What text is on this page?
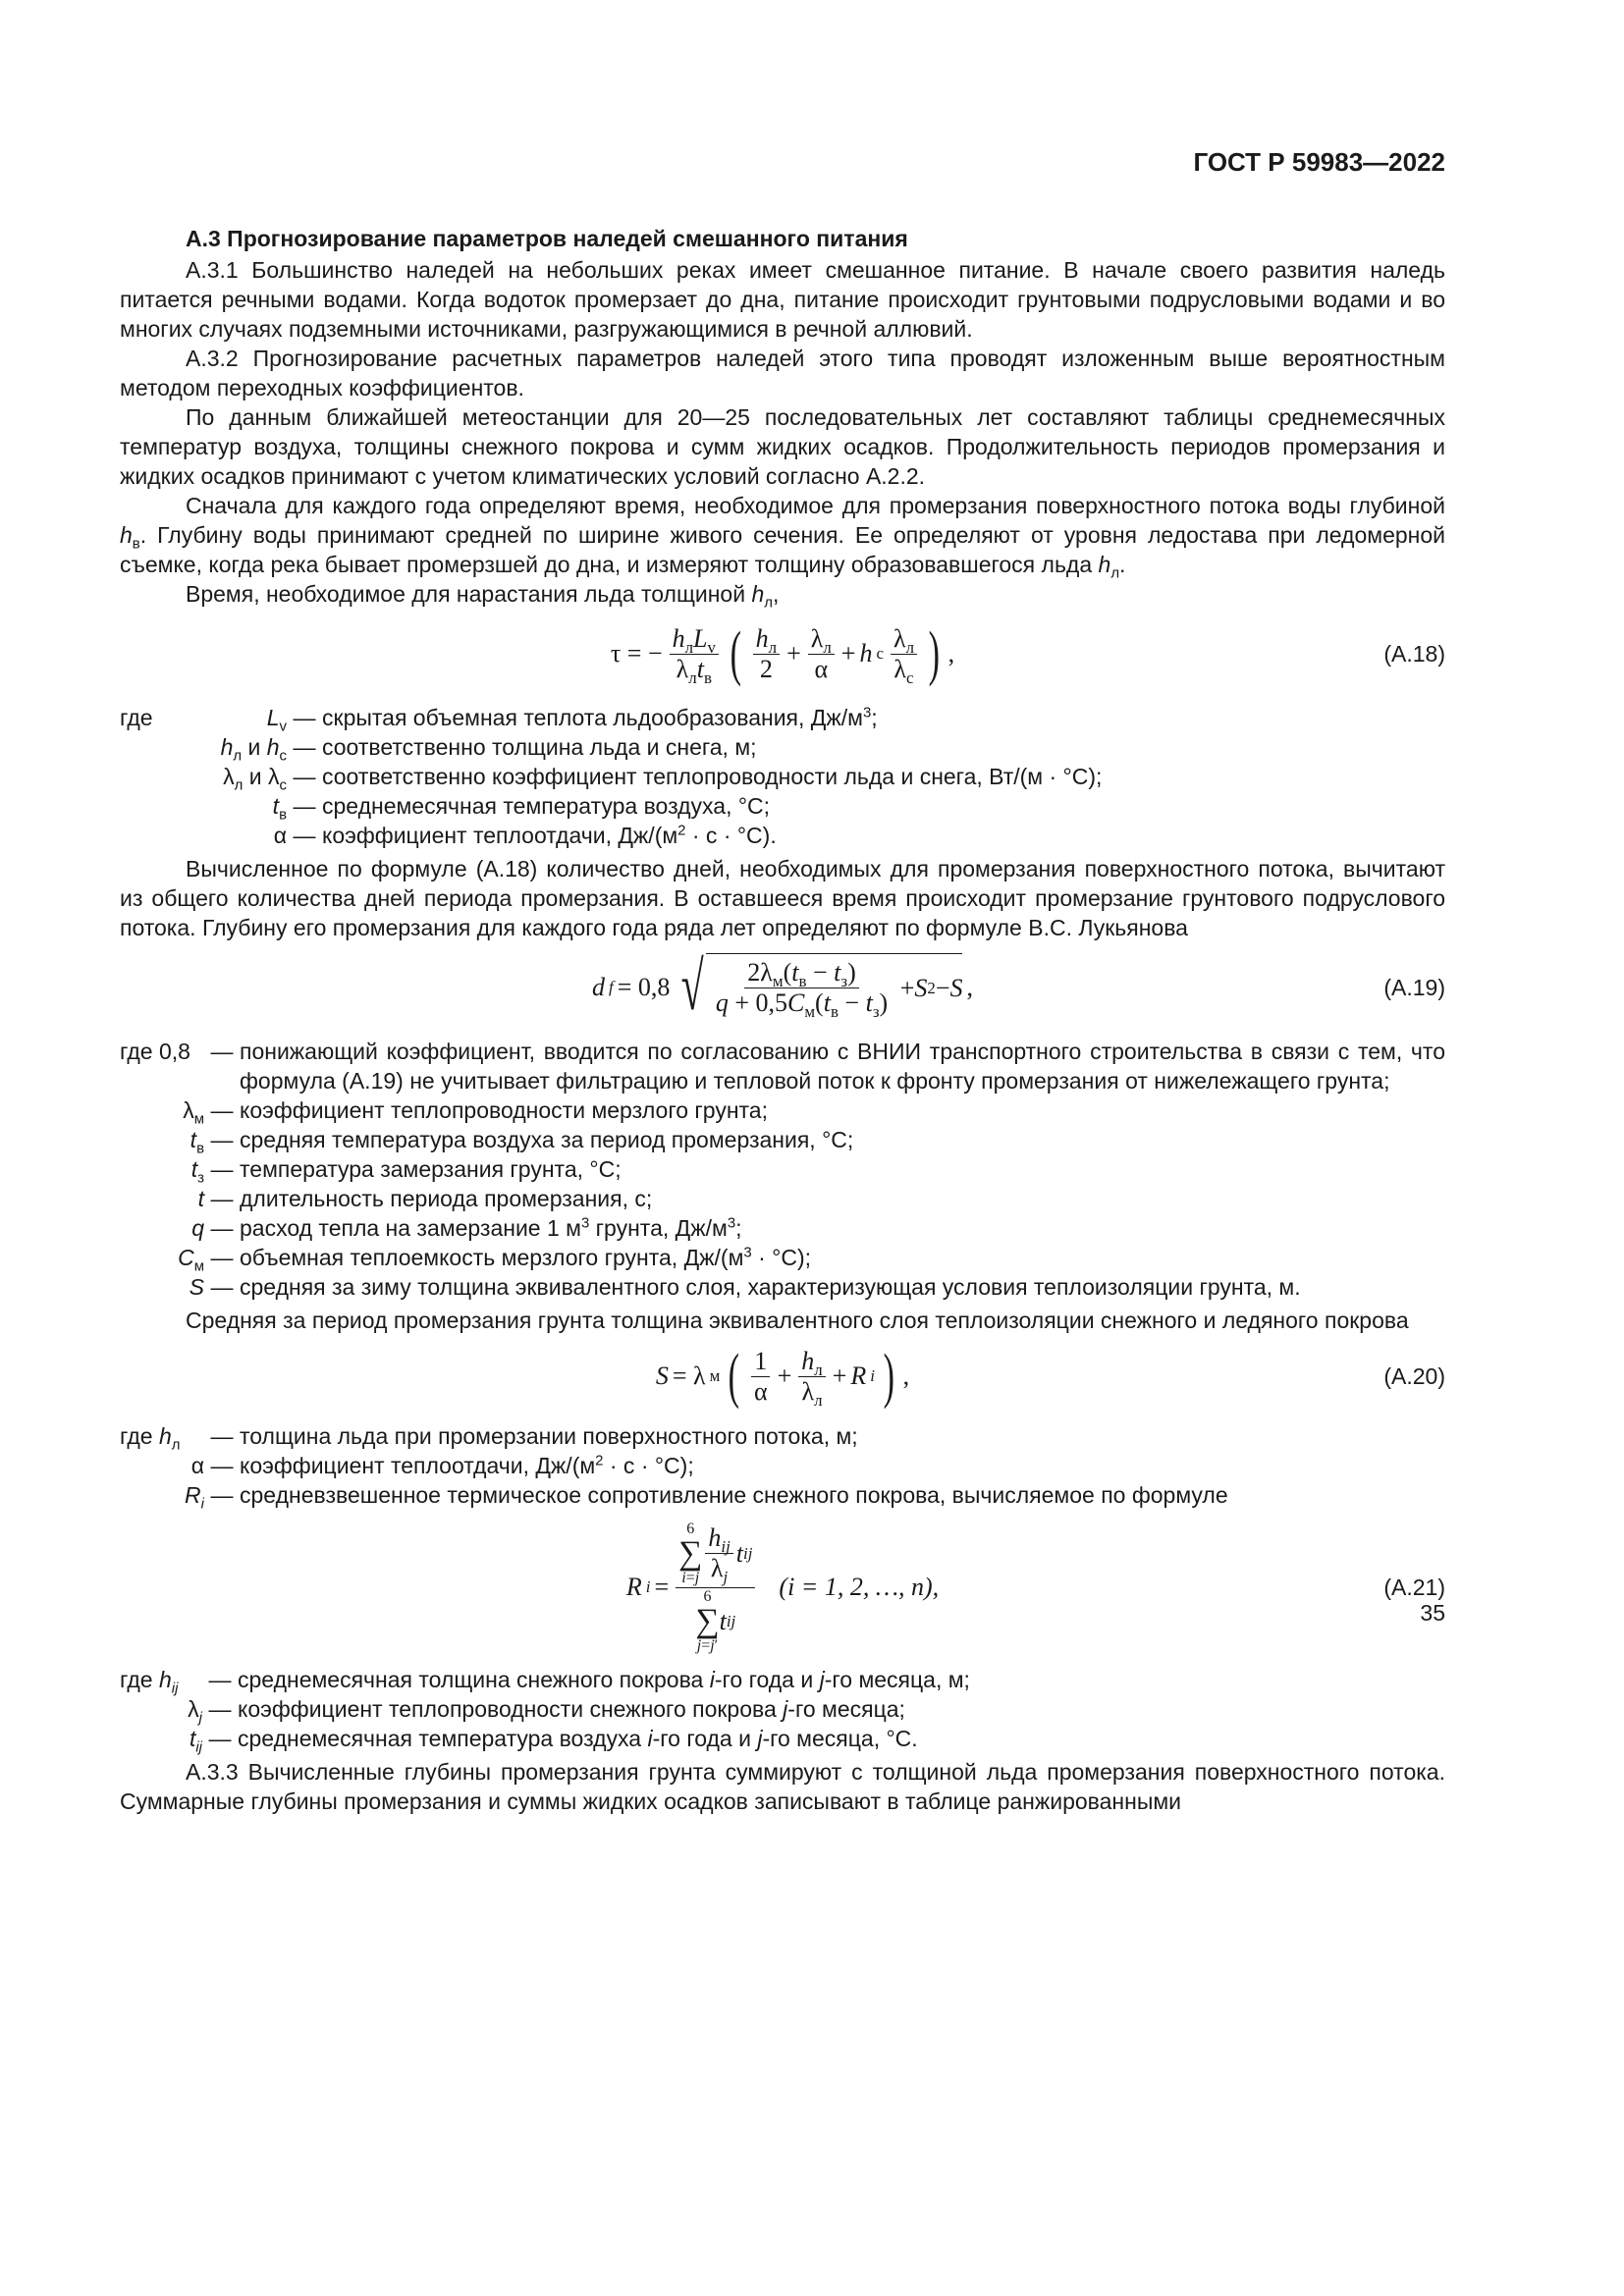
ГОСТ Р 59983—2022
А.3 Прогнозирование параметров наледей смешанного питания

А.3.1 Большинство наледей на небольших реках имеет смешанное питание. В начале своего развития наледь питается речными водами. Когда водоток промерзает до дна, питание происходит грунтовыми подрусловыми водами и во многих случаях подземными источниками, разгружающимися в речной аллювий.

А.3.2 Прогнозирование расчетных параметров наледей этого типа проводят изложенным выше вероятностным методом переходных коэффициентов.

По данным ближайшей метеостанции для 20—25 последовательных лет составляют таблицы среднемесячных температур воздуха, толщины снежного покрова и сумм жидких осадков. Продолжительность периодов промерзания и жидких осадков принимают с учетом климатических условий согласно А.2.2.

Сначала для каждого года определяют время, необходимое для промерзания поверхностного потока воды глубиной $h_в$. Глубину воды принимают средней по ширине живого сечения. Ее определяют от уровня ледостава при ледомерной съемке, когда река бывает промерзшей до дна, и измеряют толщину образовавшегося льда $h_л$.

Время, необходимое для нарастания льда толщиной $h_л$,

τ = − $\frac{h_лL_v}{\lambda_лt_в}$ ( $\frac{h_л}{2} + \frac{\lambda_л}{\alpha} + h$ с $\frac{\lambda_л}{\lambda_с}$ ) ,	(А.18)
где	$L_v$ — скрытая объемная теплота льдообразования, $Дж/м^3$;
$h_л$ и $h_с$ — соответственно толщина льда и снега, м;
$\lambda_л$ и $\lambda_с$ — соответственно коэффициент теплопроводности льда и снега, Вт/(м · °С);
$t_в$ — среднемесячная температура воздуха, °С;
α — коэффициент теплоотдачи, $Дж/(м^2 \cdot с \cdot ^\circ С)$.

Вычисленное по формуле (А.18) количество дней, необходимых для промерзания поверхностного потока, вычитают из общего количества дней периода промерзания. В оставшееся время происходит промерзание грунтового подруслового потока. Глубину его промерзания для каждого года ряда лет определяют по формуле В.С. Лукьянова

d f = 0,8 √ $\frac{2\lambda_м(t_в - t_з)}{q + 0,5C_м(t_в - t_з)} + S$ 2 − S ,	(А.19)
где 0,8 — понижающий коэффициент, вводится по согласованию с ВНИИ транспортного строительства в связи с тем, что формула (А.19) не учитывает фильтрацию и тепловой поток к фронту промерзания от нижележащего грунта;
$\lambda_м$ — коэффициент теплопроводности мерзлого грунта;
$t_в$ — средняя температура воздуха за период промерзания, °С;
$t_з$ — температура замерзания грунта, °С;
t — длительность периода промерзания, с;
q — расход тепла на замерзание 1 $м^3$ грунта, $Дж/м^3$;
$C_м$ — объемная теплоемкость мерзлого грунта, $Дж/(м^3 \cdot ^\circ С)$;
S — средняя за зиму толщина эквивалентного слоя, характеризующая условия теплоизоляции грунта, м.

Средняя за период промерзания грунта толщина эквивалентного слоя теплоизоляции снежного и ледяного покрова

S = λ м ( $\frac{1}{\alpha} + \frac{h_л}{\lambda_л} + R$ i ) ,	(А.20)
где $h_л$	— толщина льда при промерзании поверхностного потока, м;
α — коэффициент теплоотдачи, $Дж/(м^2 \cdot с \cdot ^\circ С)$;
$R_i$ — средневзвешенное термическое сопротивление снежного покрова, вычисляемое по формуле
R i = 6
∑
$i=j \frac{h_{ij}}{\lambda_j}$ t ij
6
∑
j=j′
t ij
(i = 1, 2, …, n),	(А.21)
где $h_{ij}$	— среднемесячная толщина снежного покрова i-го года и j-го месяца, м;
$\lambda_j$ — коэффициент теплопроводности снежного покрова j-го месяца;
$t_{ij}$ — среднемесячная температура воздуха i-го года и j-го месяца, °С.

А.3.3 Вычисленные глубины промерзания грунта суммируют с толщиной льда промерзания поверхностного потока. Суммарные глубины промерзания и суммы жидких осадков записывают в таблице ранжированными

35
